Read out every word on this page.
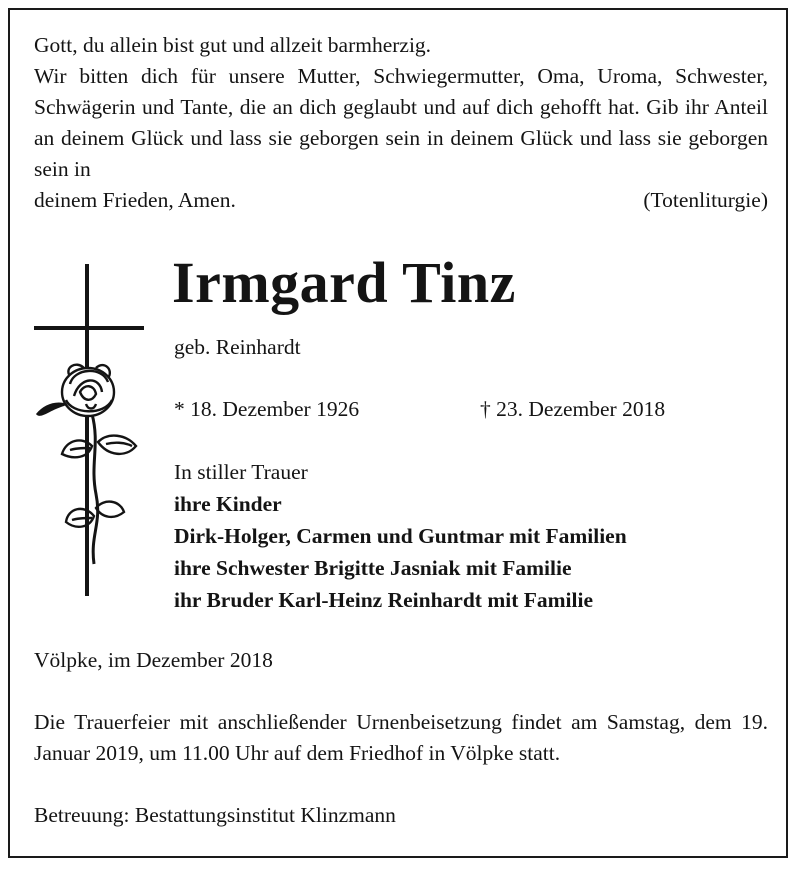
Gott, du allein bist gut und allzeit barmherzig.
Wir bitten dich für unsere Mutter, Schwiegermutter, Oma, Uroma, Schwester, Schwägerin und Tante, die an dich geglaubt und auf dich gehofft hat. Gib ihr Anteil an deinem Glück und lass sie geborgen sein in deinem Glück und lass sie geborgen sein in
deinem Frieden, Amen.	(Totenliturgie)
Irmgard Tinz
geb. Reinhardt
* 18. Dezember 1926	† 23. Dezember 2018
In stiller Trauer
ihre Kinder
Dirk-Holger, Carmen und Guntmar mit Familien
ihre Schwester Brigitte Jasniak mit Familie
ihr Bruder Karl-Heinz Reinhardt mit Familie
Völpke, im Dezember 2018
Die Trauerfeier mit anschließender Urnenbeisetzung findet am Samstag, dem 19. Januar 2019, um 11.00 Uhr auf dem Friedhof in Völpke statt.
Betreuung: Bestattungsinstitut Klinzmann
